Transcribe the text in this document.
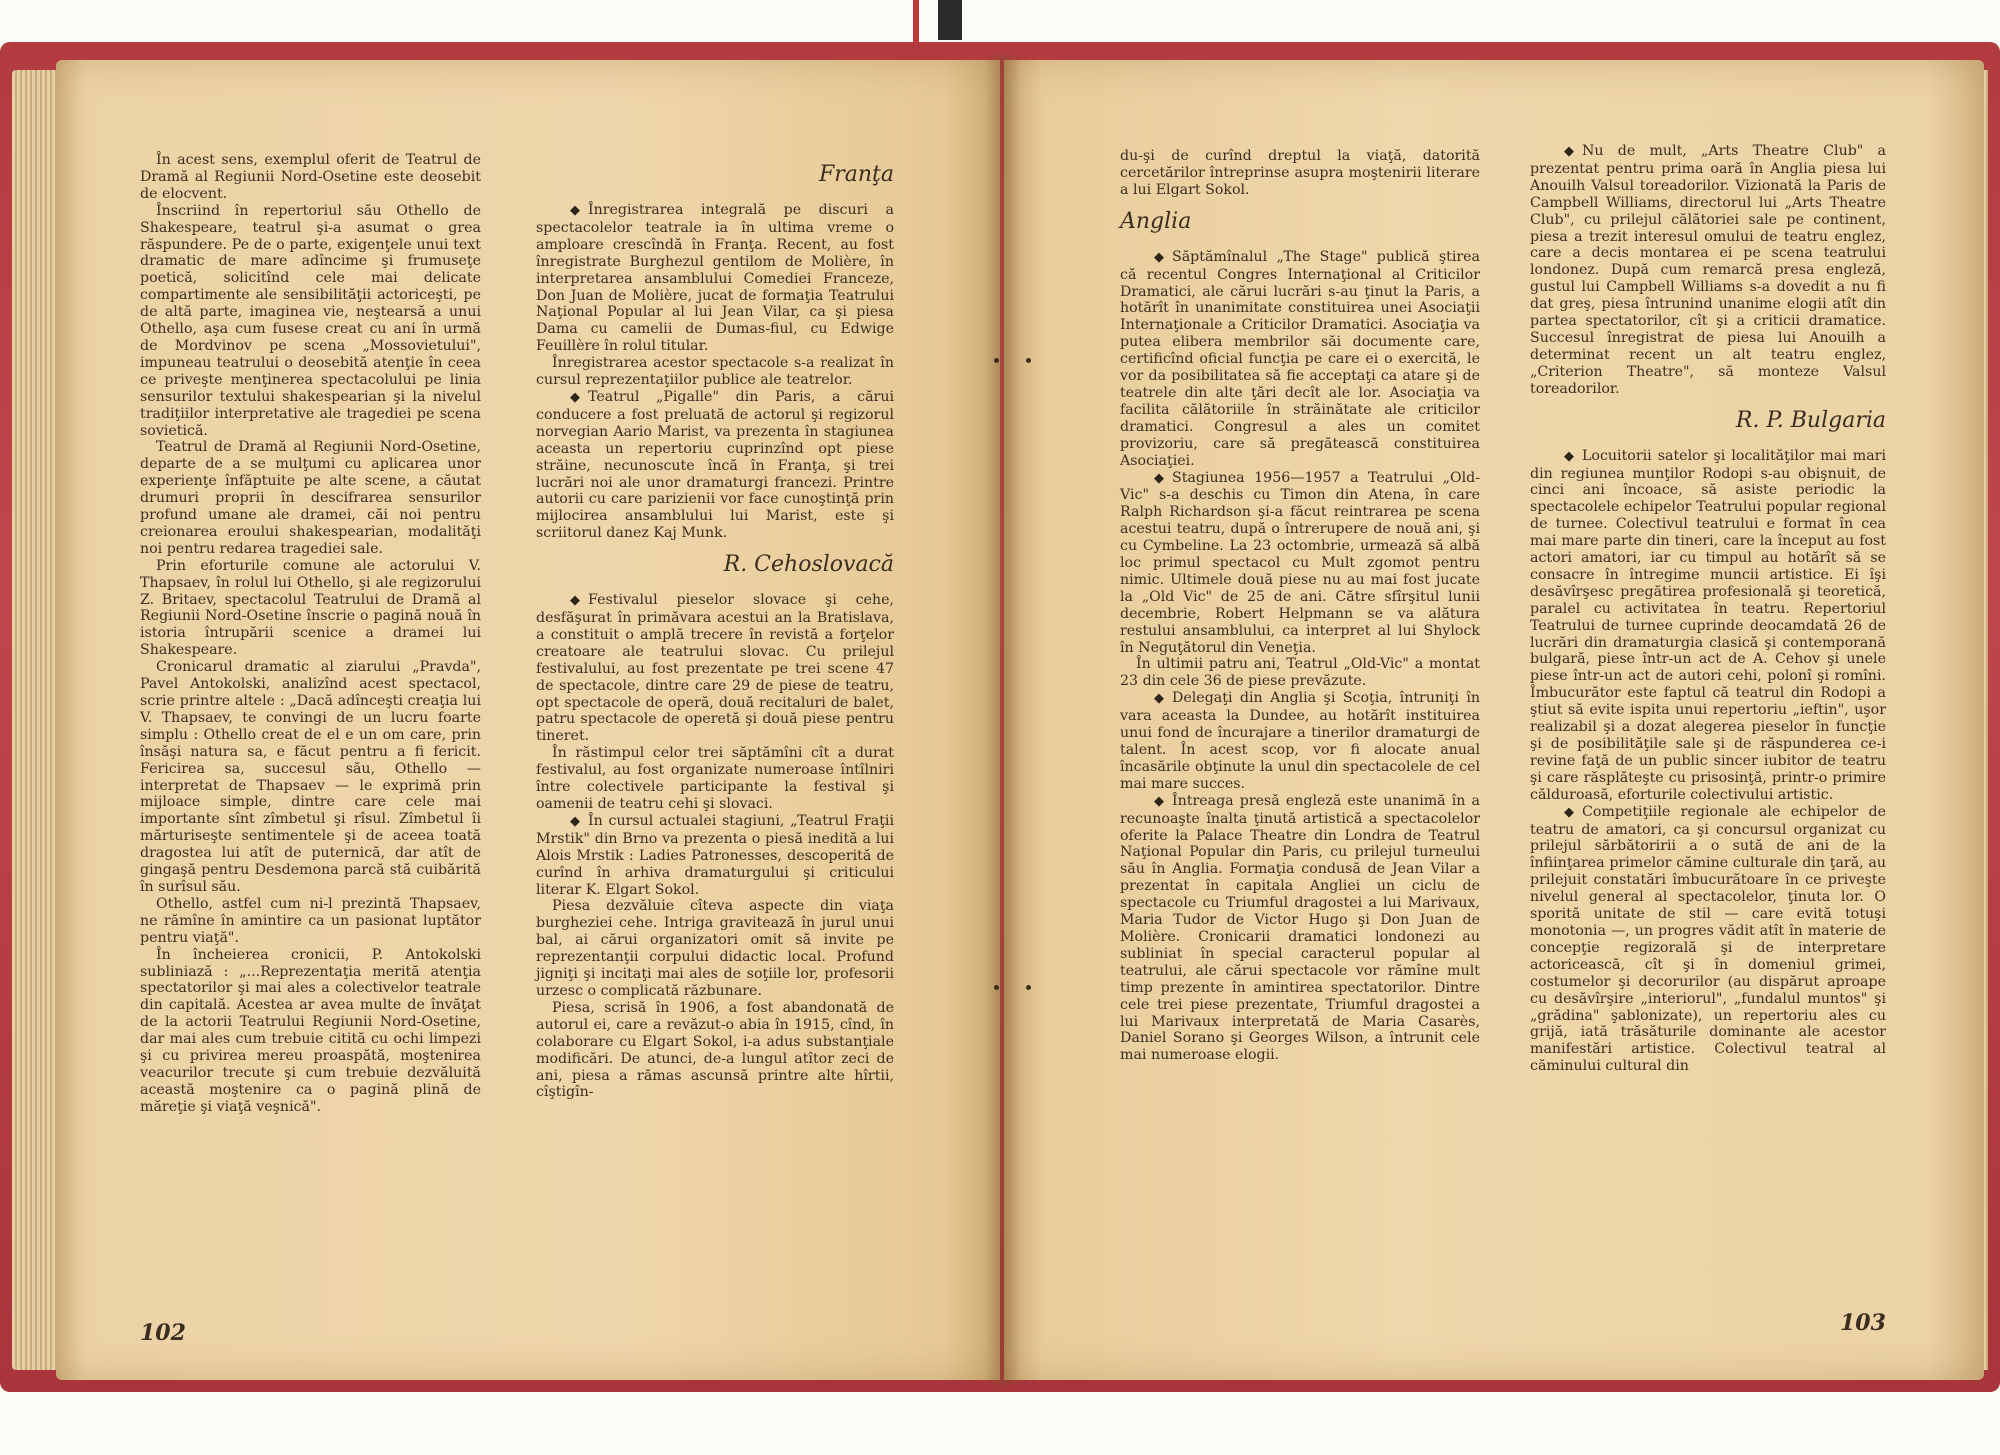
În acest sens, exemplul oferit de Teatrul de Dramă al Regiunii Nord-Osetine este deosebit de elocvent.

Înscriind în repertoriul său Othello de Shakespeare, teatrul şi-a asumat o grea răspundere. Pe de o parte, exigenţele unui text dramatic de mare adîncime şi frumuseţe poetică, solicitînd cele mai delicate compartimente ale sensibilităţii actoriceşti, pe de altă parte, imaginea vie, neştearsă a unui Othello, aşa cum fusese creat cu ani în urmă de Mordvinov pe scena „Mossovietului", impuneau teatrului o deosebită atenţie în ceea ce priveşte menţinerea spectacolului pe linia sensurilor textului shakespearian şi la nivelul tradiţiilor interpretative ale tragediei pe scena sovietică.

Teatrul de Dramă al Regiunii Nord-Osetine, departe de a se mulţumi cu aplicarea unor experienţe înfăptuite pe alte scene, a căutat drumuri proprii în descifrarea sensurilor profund umane ale dramei, căi noi pentru creionarea eroului shakespearian, modalităţi noi pentru redarea tragediei sale.

Prin eforturile comune ale actorului V. Thapsaev, în rolul lui Othello, şi ale regizorului Z. Britaev, spectacolul Teatrului de Dramă al Regiunii Nord-Osetine înscrie o pagină nouă în istoria întrupării scenice a dramei lui Shakespeare.

Cronicarul dramatic al ziarului „Pravda", Pavel Antokolski, analizînd acest spectacol, scrie printre altele : „Dacă adînceşti creaţia lui V. Thapsaev, te convingi de un lucru foarte simplu : Othello creat de el e un om care, prin însăşi natura sa, e făcut pentru a fi fericit. Fericirea sa, succesul său, Othello — interpretat de Thapsaev — le exprimă prin mijloace simple, dintre care cele mai importante sînt zîmbetul şi rîsul. Zîmbetul îi mărturiseşte sentimentele şi de aceea toată dragostea lui atît de puternică, dar atît de gingaşă pentru Desdemona parcă stă cuibărită în surîsul său.

Othello, astfel cum ni-l prezintă Thapsaev, ne rămîne în amintire ca un pasionat luptător pentru viaţă".

În încheierea cronicii, P. Antokolski subliniază : „...Reprezentaţia merită atenţia spectatorilor şi mai ales a colectivelor teatrale din capitală. Acestea ar avea multe de învăţat de la actorii Teatrului Regiunii Nord-Osetine, dar mai ales cum trebuie citită cu ochi limpezi şi cu privirea mereu proaspătă, moştenirea veacurilor trecute şi cum trebuie dezvăluită această moştenire ca o pagină plină de măreţie şi viaţă veşnică".

Franţa

◆ Înregistrarea integrală pe discuri a spectacolelor teatrale ia în ultima vreme o amploare crescîndă în Franţa. Recent, au fost înregistrate Burghezul gentilom de Molière, în interpretarea ansamblului Comediei Franceze, Don Juan de Molière, jucat de formaţia Teatrului Naţional Popular al lui Jean Vilar, ca şi piesa Dama cu camelii de Dumas-fiul, cu Edwige Feuillère în rolul titular.

Înregistrarea acestor spectacole s-a realizat în cursul reprezentaţiilor publice ale teatrelor.

◆ Teatrul „Pigalle" din Paris, a cărui conducere a fost preluată de actorul şi regizorul norvegian Aario Marist, va prezenta în stagiunea aceasta un repertoriu cuprinzînd opt piese străine, necunoscute încă în Franţa, şi trei lucrări noi ale unor dramaturgi francezi. Printre autorii cu care parizienii vor face cunoştinţă prin mijlocirea ansamblului lui Marist, este şi scriitorul danez Kaj Munk.

R. Cehoslovacă

◆ Festivalul pieselor slovace şi cehe, desfăşurat în primăvara acestui an la Bratislava, a constituit o amplă trecere în revistă a forţelor creatoare ale teatrului slovac. Cu prilejul festivalului, au fost prezentate pe trei scene 47 de spectacole, dintre care 29 de piese de teatru, opt spectacole de operă, două recitaluri de balet, patru spectacole de operetă şi două piese pentru tineret.

În răstimpul celor trei săptămîni cît a durat festivalul, au fost organizate numeroase întîlniri între colectivele participante la festival şi oamenii de teatru cehi şi slovaci.

◆ În cursul actualei stagiuni, „Teatrul Fraţii Mrstik" din Brno va prezenta o piesă inedită a lui Alois Mrstik : Ladies Patronesses, descoperită de curînd în arhiva dramaturgului şi criticului literar K. Elgart Sokol.

Piesa dezvăluie cîteva aspecte din viaţa burgheziei cehe. Intriga gravitează în jurul unui bal, ai cărui organizatori omit să invite pe reprezentanţii corpului didactic local. Profund jigniţi şi incitaţi mai ales de soţiile lor, profesorii urzesc o complicată răzbunare.

Piesa, scrisă în 1906, a fost abandonată de autorul ei, care a revăzut-o abia în 1915, cînd, în colaborare cu Elgart Sokol, i-a adus substanţiale modificări. De atunci, de-a lungul atîtor zeci de ani, piesa a rămas ascunsă printre alte hîrtii, cîştigîn-

du-şi de curînd dreptul la viaţă, datorită cercetărilor întreprinse asupra moştenirii literare a lui Elgart Sokol.

Anglia

◆ Săptămînalul „The Stage" publică ştirea că recentul Congres Internaţional al Criticilor Dramatici, ale cărui lucrări s-au ţinut la Paris, a hotărît în unanimitate constituirea unei Asociaţii Internaţionale a Criticilor Dramatici. Asociaţia va putea elibera membrilor săi documente care, certificînd oficial funcţia pe care ei o exercită, le vor da posibilitatea să fie acceptaţi ca atare şi de teatrele din alte ţări decît ale lor. Asociaţia va facilita călătoriile în străinătate ale criticilor dramatici. Congresul a ales un comitet provizoriu, care să pregătească constituirea Asociaţiei.

◆ Stagiunea 1956—1957 a Teatrului „Old-Vic" s-a deschis cu Timon din Atena, în care Ralph Richardson şi-a făcut reintrarea pe scena acestui teatru, după o întrerupere de nouă ani, şi cu Cymbeline. La 23 octombrie, urmează să albă loc primul spectacol cu Mult zgomot pentru nimic. Ultimele două piese nu au mai fost jucate la „Old Vic" de 25 de ani. Către sfîrşitul lunii decembrie, Robert Helpmann se va alătura restului ansamblului, ca interpret al lui Shylock în Neguţătorul din Veneţia.

În ultimii patru ani, Teatrul „Old-Vic" a montat 23 din cele 36 de piese prevăzute.

◆ Delegaţi din Anglia şi Scoţia, întruniţi în vara aceasta la Dundee, au hotărît instituirea unui fond de încurajare a tinerilor dramaturgi de talent. În acest scop, vor fi alocate anual încasările obţinute la unul din spectacolele de cel mai mare succes.

◆ Întreaga presă engleză este unanimă în a recunoaşte înalta ţinută artistică a spectacolelor oferite la Palace Theatre din Londra de Teatrul Naţional Popular din Paris, cu prilejul turneului său în Anglia. Formaţia condusă de Jean Vilar a prezentat în capitala Angliei un ciclu de spectacole cu Triumful dragostei a lui Marivaux, Maria Tudor de Victor Hugo şi Don Juan de Molière. Cronicarii dramatici londonezi au subliniat în special caracterul popular al teatrului, ale cărui spectacole vor rămîne mult timp prezente în amintirea spectatorilor. Dintre cele trei piese prezentate, Triumful dragostei a lui Marivaux interpretată de Maria Casarès, Daniel Sorano şi Georges Wilson, a întrunit cele mai numeroase elogii.

◆ Nu de mult, „Arts Theatre Club" a prezentat pentru prima oară în Anglia piesa lui Anouilh Valsul toreadorilor. Vizionată la Paris de Campbell Williams, directorul lui „Arts Theatre Club", cu prilejul călătoriei sale pe continent, piesa a trezit interesul omului de teatru englez, care a decis montarea ei pe scena teatrului londonez. După cum remarcă presa engleză, gustul lui Campbell Williams s-a dovedit a nu fi dat greş, piesa întrunind unanime elogii atît din partea spectatorilor, cît şi a criticii dramatice. Succesul înregistrat de piesa lui Anouilh a determinat recent un alt teatru englez, „Criterion Theatre", să monteze Valsul toreadorilor.

R. P. Bulgaria

◆ Locuitorii satelor şi localităţilor mai mari din regiunea munţilor Rodopi s-au obişnuit, de cinci ani încoace, să asiste periodic la spectacolele echipelor Teatrului popular regional de turnee. Colectivul teatrului e format în cea mai mare parte din tineri, care la început au fost actori amatori, iar cu timpul au hotărît să se consacre în întregime muncii artistice. Ei îşi desăvîrşesc pregătirea profesională şi teoretică, paralel cu activitatea în teatru. Repertoriul Teatrului de turnee cuprinde deocamdată 26 de lucrări din dramaturgia clasică şi contemporană bulgară, piese într-un act de A. Cehov şi unele piese într-un act de autori cehi, polonî şi romîni. Îmbucurător este faptul că teatrul din Rodopi a ştiut să evite ispita unui repertoriu „ieftin", uşor realizabil şi a dozat alegerea pieselor în funcţie şi de posibilităţile sale şi de răspunderea ce-i revine faţă de un public sincer iubitor de teatru şi care răsplăteşte cu prisosinţă, printr-o primire călduroasă, eforturile colectivului artistic.

◆ Competiţiile regionale ale echipelor de teatru de amatori, ca şi concursul organizat cu prilejul sărbătoririi a o sută de ani de la înfiinţarea primelor cămine culturale din ţară, au prilejuit constatări îmbucurătoare în ce priveşte nivelul general al spectacolelor, ţinuta lor. O sporită unitate de stil — care evită totuşi monotonia —, un progres vădit atît în materie de concepţie regizorală şi de interpretare actoricească, cît şi în domeniul grimei, costumelor şi decorurilor (au dispărut aproape cu desăvîrşire „interiorul", „fundalul muntos" şi „grădina" şablonizate), un repertoriu ales cu grijă, iată trăsăturile dominante ale acestor manifestări artistice. Colectivul teatral al căminului cultural din

102	103
